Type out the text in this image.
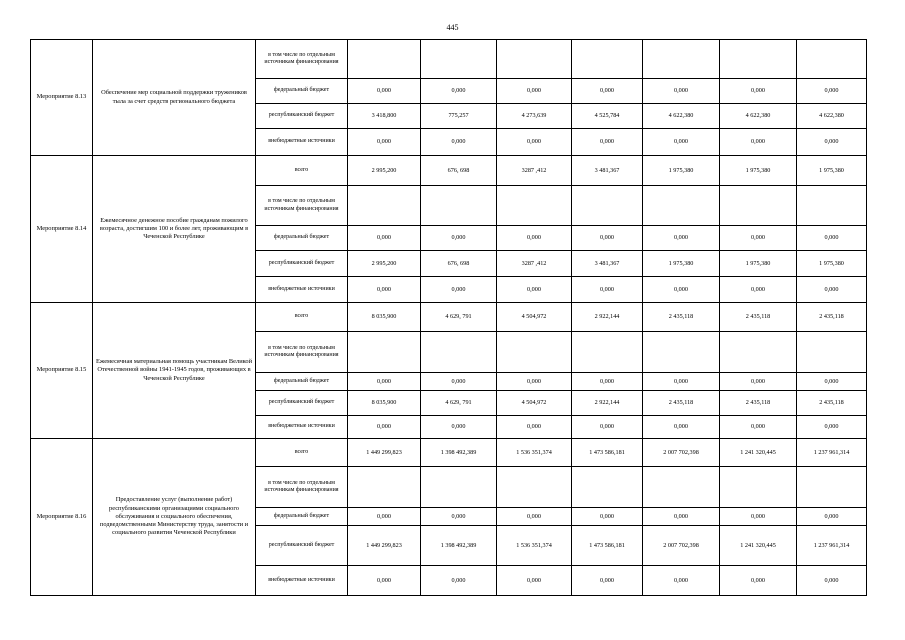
445
Мероприятие 8.13	Обеспечение мер социальной поддержки тружеников тыла за счет средств регионального бюджета	в том числе по отдельным источникам финансирования							
		федеральный бюджет	0,000	0,000	0,000	0,000	0,000	0,000	0,000
		республиканский бюджет	3 418,800	775,257	4 273,639	4 525,784	4 622,380	4 622,380	4 622,380
		внебюджетные источники	0,000	0,000	0,000	0,000	0,000	0,000	0,000
Мероприятие 8.14	Ежемесячное денежное пособие гражданам пожилого возраста, достигшим 100 и более лет, проживающим в Чеченской Республике	всего	2 995,200	676, 698	3287 ,412	3 481,367	1 975,380	1 975,380	1 975,380
		в том числе по отдельным источникам финансирования							
		федеральный бюджет	0,000	0,000	0,000	0,000	0,000	0,000	0,000
		республиканский бюджет	2 995,200	676, 698	3287 ,412	3 481,367	1 975,380	1 975,380	1 975,380
		внебюджетные источники	0,000	0,000	0,000	0,000	0,000	0,000	0,000
Мероприятие 8.15	Ежемесячная материальная помощь участникам Великой Отечественной войны 1941-1945 годов, проживающих в Чеченской Республике	всего	8 035,900	4 629, 791	4 504,972	2 922,144	2 435,118	2 435,118	2 435,118
		в том числе по отдельным источникам финансирования							
		федеральный бюджет	0,000	0,000	0,000	0,000	0,000	0,000	0,000
		республиканский бюджет	8 035,900	4 629, 791	4 504,972	2 922,144	2 435,118	2 435,118	2 435,118
		внебюджетные источники	0,000	0,000	0,000	0,000	0,000	0,000	0,000
Мероприятие 8.16	Предоставление услуг (выполнение работ) республиканскими организациями социального обслуживания и социального обеспечения, подведомственными Министерству труда, занятости и социального развития Чеченской Республики	всего	1 449 299,823	1 398 492,389	1 536 351,374	1 473 586,181	2 007 702,398	1 241 320,445	1 237 961,314
		в том числе по отдельным источникам финансирования							
		федеральный бюджет	0,000	0,000	0,000	0,000	0,000	0,000	0,000
		республиканский бюджет	1 449 299,823	1 398 492,389	1 536 351,374	1 473 586,181	2 007 702,398	1 241 320,445	1 237 961,314
		внебюджетные источники	0,000	0,000	0,000	0,000	0,000	0,000	0,000
